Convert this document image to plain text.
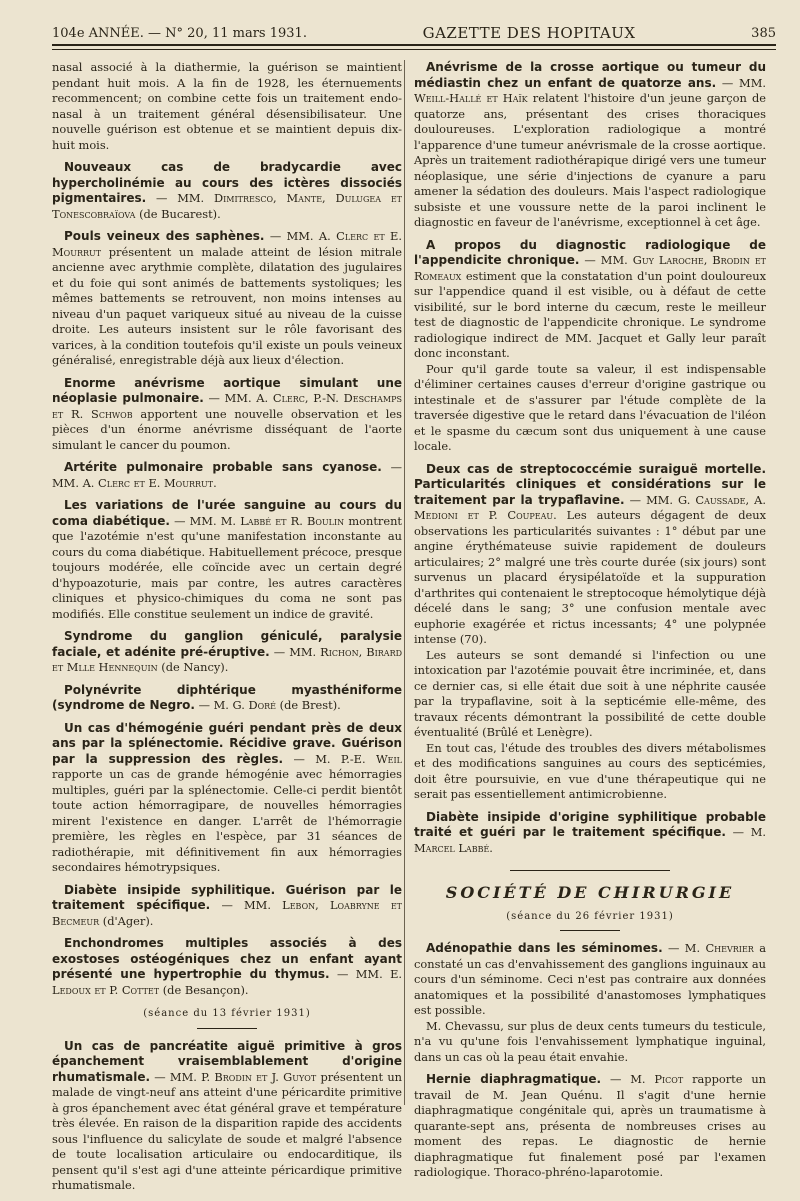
104e ANNÉE. — N° 20, 11 mars 1931.	GAZETTE DES HOPITAUX	385

nasal associé à la diathermie, la guérison se maintient pendant huit mois. A la fin de 1928, les éternuements recommencent; on combine cette fois un traitement endo-nasal à un traitement général désensibilisateur. Une nouvelle guérison est obtenue et se maintient depuis dix-huit mois.

Nouveaux cas de bradycardie avec hypercholinémie au cours des ictères dissociés pigmentaires. — MM. Dimitresco, Mante, Dulugea et Tonescobraïova (de Bucarest).

Pouls veineux des saphènes. — MM. A. Clerc et E. Mourrut présentent un malade atteint de lésion mitrale ancienne avec arythmie complète, dilatation des jugulaires et du foie qui sont animés de battements systoliques; les mêmes battements se retrouvent, non moins intenses au niveau d'un paquet variqueux situé au niveau de la cuisse droite. Les auteurs insistent sur le rôle favorisant des varices, à la condition toutefois qu'il existe un pouls veineux généralisé, enregistrable déjà aux lieux d'élection.

Enorme anévrisme aortique simulant une néoplasie pulmonaire. — MM. A. Clerc, P.-N. Deschamps et R. Schwob apportent une nouvelle observation et les pièces d'un énorme anévrisme disséquant de l'aorte simulant le cancer du poumon.

Artérite pulmonaire probable sans cyanose. — MM. A. Clerc et E. Mourrut.

Les variations de l'urée sanguine au cours du coma diabétique. — MM. M. Labbé et R. Boulin montrent que l'azotémie n'est qu'une manifestation inconstante au cours du coma diabétique. Habituellement précoce, presque toujours modérée, elle coïncide avec un certain degré d'hypoazoturie, mais par contre, les autres caractères cliniques et physico-chimiques du coma ne sont pas modifiés. Elle constitue seulement un indice de gravité.

Syndrome du ganglion géniculé, paralysie faciale, et adénite pré-éruptive. — MM. Richon, Birard et Mlle Hennequin (de Nancy).

Polynévrite diphtérique myasthéniforme (syndrome de Negro. — M. G. Doré (de Brest).

Un cas d'hémogénie guéri pendant près de deux ans par la splénectomie. Récidive grave. Guérison par la suppression des règles. — M. P.-E. Weil rapporte un cas de grande hémogénie avec hémorragies multiples, guéri par la splénectomie. Celle-ci perdit bientôt toute action hémorragipare, de nouvelles hémorragies mirent l'existence en danger. L'arrêt de l'hémorragie première, les règles en l'espèce, par 31 séances de radiothérapie, mit définitivement fin aux hémorragies secondaires hémotrypsiques.

Diabète insipide syphilitique. Guérison par le traitement spécifique. — MM. Lebon, Loabryne et Becmeur (d'Ager).

Enchondromes multiples associés à des exostoses ostéogéniques chez un enfant ayant présenté une hypertrophie du thymus. — MM. E. Ledoux et P. Cottet (de Besançon).

(séance du 13 février 1931)

Un cas de pancréatite aiguë primitive à gros épanchement vraisemblablement d'origine rhumatismale. — MM. P. Brodin et J. Guyot présentent un malade de vingt-neuf ans atteint d'une péricardite primitive à gros épanchement avec état général grave et température très élevée. En raison de la disparition rapide des accidents sous l'influence du salicylate de soude et malgré l'absence de toute localisation articulaire ou endocarditique, ils pensent qu'il s'est agi d'une atteinte péricardique primitive rhumatismale.

Anévrisme de la crosse aortique ou tumeur du médiastin chez un enfant de quatorze ans. — MM. Weill-Hallé et Haïk relatent l'histoire d'un jeune garçon de quatorze ans, présentant des crises thoraciques douloureuses. L'exploration radiologique a montré l'apparence d'une tumeur anévrismale de la crosse aortique. Après un traitement radiothérapique dirigé vers une tumeur néoplasique, une série d'injections de cyanure a paru amener la sédation des douleurs. Mais l'aspect radiologique subsiste et une voussure nette de la paroi inclinent le diagnostic en faveur de l'anévrisme, exceptionnel à cet âge.

A propos du diagnostic radiologique de l'appendicite chronique. — MM. Guy Laroche, Brodin et Romeaux estiment que la constatation d'un point douloureux sur l'appendice quand il est visible, ou à défaut de cette visibilité, sur le bord interne du cæcum, reste le meilleur test de diagnostic de l'appendicite chronique. Le syndrome radiologique indirect de MM. Jacquet et Gally leur paraît donc inconstant.

Pour qu'il garde toute sa valeur, il est indispensable d'éliminer certaines causes d'erreur d'origine gastrique ou intestinale et de s'assurer par l'étude complète de la traversée digestive que le retard dans l'évacuation de l'iléon et le spasme du cæcum sont dus uniquement à une cause locale.

Deux cas de streptococcémie suraiguë mortelle. Particularités cliniques et considérations sur le traitement par la trypaflavine. — MM. G. Caussade, A. Medioni et P. Coupeau. Les auteurs dégagent de deux observations les particularités suivantes : 1° début par une angine érythémateuse suivie rapidement de douleurs articulaires; 2° malgré une très courte durée (six jours) sont survenus un placard érysipélatoïde et la suppuration d'arthrites qui contenaient le streptocoque hémolytique déjà décelé dans le sang; 3° une confusion mentale avec euphorie exagérée et rictus incessants; 4° une polypnée intense (70).

Les auteurs se sont demandé si l'infection ou une intoxication par l'azotémie pouvait être incriminée, et, dans ce dernier cas, si elle était due soit à une néphrite causée par la trypaflavine, soit à la septicémie elle-même, des travaux récents démontrant la possibilité de cette double éventualité (Brûlé et Lenègre).

En tout cas, l'étude des troubles des divers métabolismes et des modifications sanguines au cours des septicémies, doit être poursuivie, en vue d'une thérapeutique qui ne serait pas essentiellement antimicrobienne.

Diabète insipide d'origine syphilitique probable traité et guéri par le traitement spécifique. — M. Marcel Labbé.

SOCIÉTÉ DE CHIRURGIE
(séance du 26 février 1931)

Adénopathie dans les séminomes. — M. Chevrier a constaté un cas d'envahissement des ganglions inguinaux au cours d'un séminome. Ceci n'est pas contraire aux données anatomiques et la possibilité d'anastomoses lymphatiques est possible.

M. Chevassu, sur plus de deux cents tumeurs du testicule, n'a vu qu'une fois l'envahissement lymphatique inguinal, dans un cas où la peau était envahie.

Hernie diaphragmatique. — M. Picot rapporte un travail de M. Jean Quénu. Il s'agit d'une hernie diaphragmatique congénitale qui, après un traumatisme à quarante-sept ans, présenta de nombreuses crises au moment des repas. Le diagnostic de hernie diaphragmatique fut finalement posé par l'examen radiologique. Thoraco-phréno-laparotomie.
